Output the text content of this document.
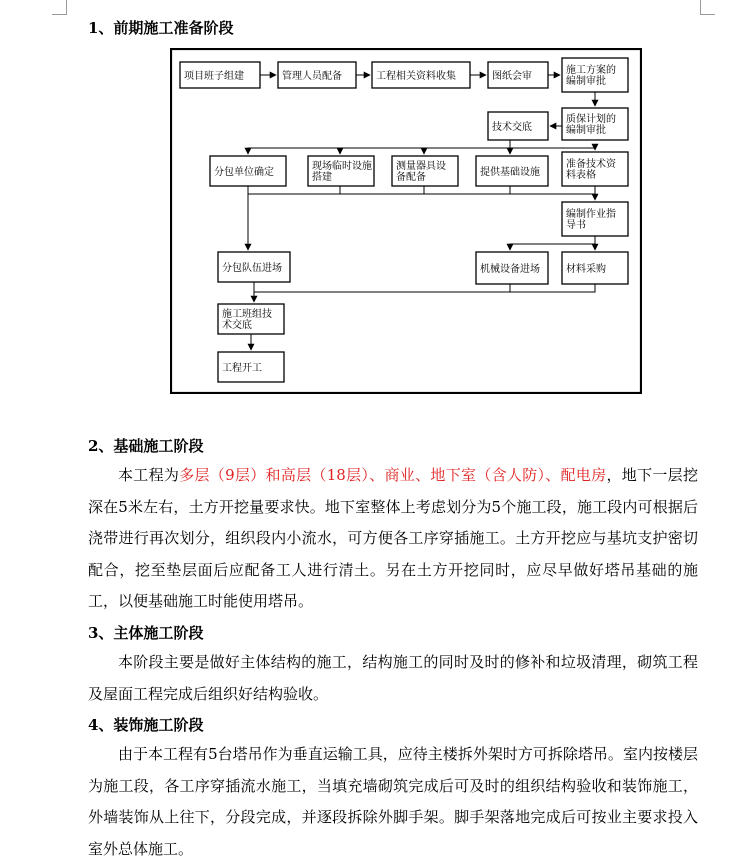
1、前期施工准备阶段
项目班子组建	管理人员配备	工程相关资料收集	图纸会审
施工方案的
编制审批
质保计划的
编制审批
技术交底
分包单位确定
现场临时设施
搭建
测量器具设
备配备	提供基础设施
准备技术资
料表格
编制作业指
导书
分包队伍进场	机械设备进场	材料采购
施工班组技
术交底
工程开工
2、基础施工阶段

本工程为多层（9层）和高层（18层）、商业、地下室（含人防）、配电房，地下一层挖深在5米左右，土方开挖量要求快。地下室整体上考虑划分为5个施工段，施工段内可根据后浇带进行再次划分，组织段内小流水，可方便各工序穿插施工。土方开挖应与基坑支护密切配合，挖至垫层面后应配备工人进行清土。另在土方开挖同时，应尽早做好塔吊基础的施工，以便基础施工时能使用塔吊。

3、主体施工阶段

本阶段主要是做好主体结构的施工，结构施工的同时及时的修补和垃圾清理，砌筑工程及屋面工程完成后组织好结构验收。

4、装饰施工阶段

由于本工程有5台塔吊作为垂直运输工具，应待主楼拆外架时方可拆除塔吊。室内按楼层为施工段，各工序穿插流水施工，当填充墙砌筑完成后可及时的组织结构验收和装饰施工，外墙装饰从上往下，分段完成，并逐段拆除外脚手架。脚手架落地完成后可按业主要求投入室外总体施工。
